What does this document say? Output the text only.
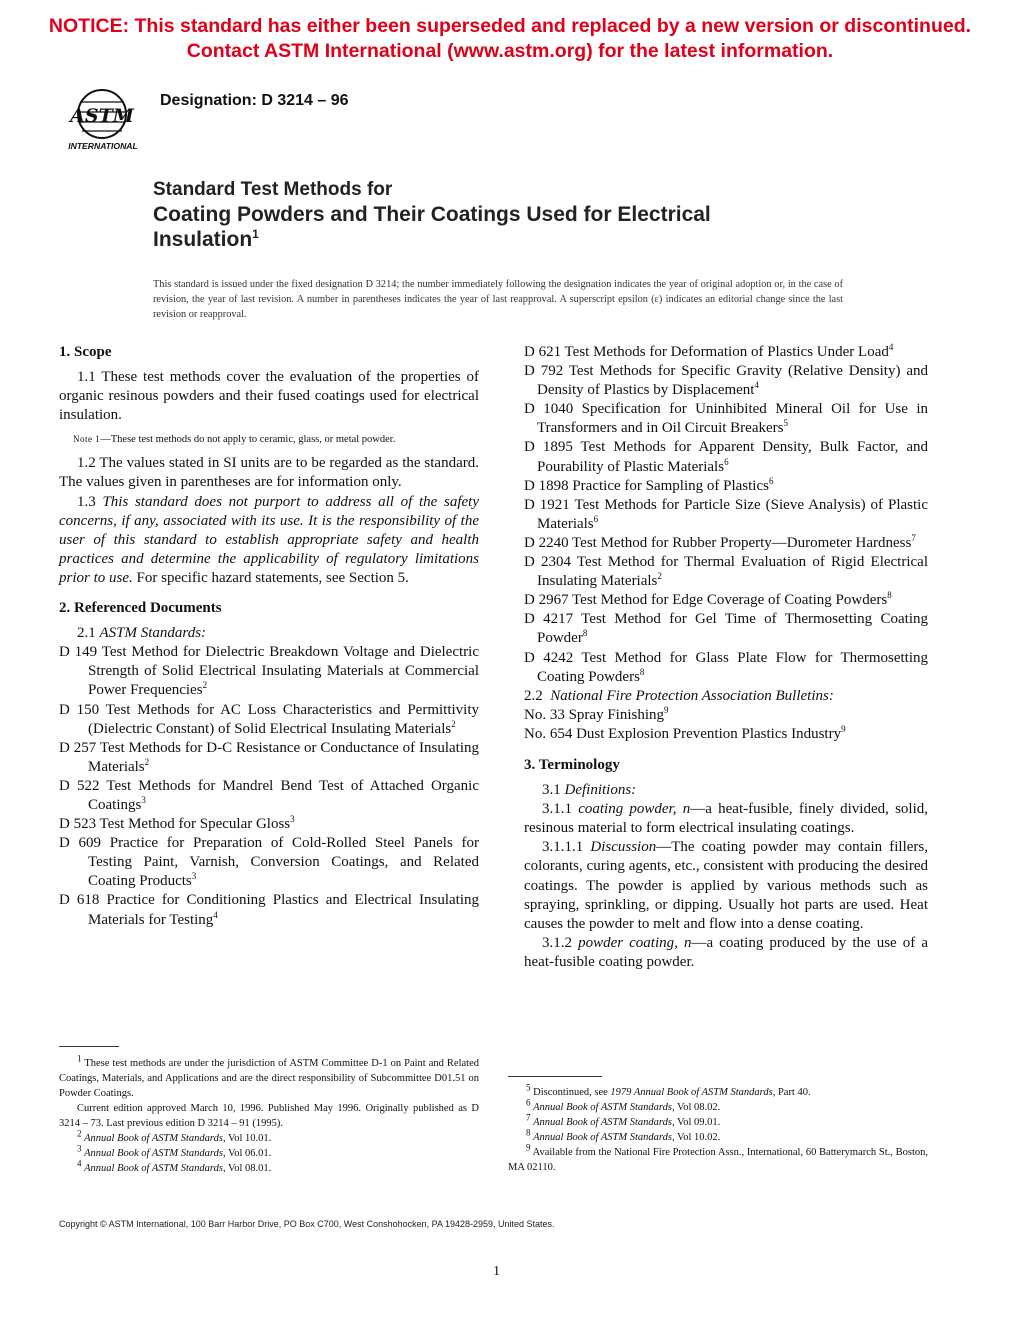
NOTICE: This standard has either been superseded and replaced by a new version or discontinued.
Contact ASTM International (www.astm.org) for the latest information.
ASTM
INTERNATIONAL
Designation: D 3214 – 96
Standard Test Methods for
Coating Powders and Their Coatings Used for Electrical
Insulation$^1$
This standard is issued under the fixed designation D 3214; the number immediately following the designation indicates the year of original adoption or, in the case of revision, the year of last revision. A number in parentheses indicates the year of last reapproval. A superscript epsilon (ε) indicates an editorial change since the last revision or reapproval.
1. Scope

1.1 These test methods cover the evaluation of the properties of organic resinous powders and their fused coatings used for electrical insulation.

Note 1—These test methods do not apply to ceramic, glass, or metal powder.

1.2 The values stated in SI units are to be regarded as the standard. The values given in parentheses are for information only.

1.3 This standard does not purport to address all of the safety concerns, if any, associated with its use. It is the responsibility of the user of this standard to establish appropriate safety and health practices and determine the applicability of regulatory limitations prior to use. For specific hazard statements, see Section 5.

2. Referenced Documents

2.1 ASTM Standards:

D 149 Test Method for Dielectric Breakdown Voltage and Dielectric Strength of Solid Electrical Insulating Materials at Commercial Power Frequencies$^2$

D 150 Test Methods for AC Loss Characteristics and Permittivity (Dielectric Constant) of Solid Electrical Insulating Materials$^2$

D 257 Test Methods for D-C Resistance or Conductance of Insulating Materials$^2$

D 522 Test Methods for Mandrel Bend Test of Attached Organic Coatings$^3$

D 523 Test Method for Specular Gloss$^3$

D 609 Practice for Preparation of Cold-Rolled Steel Panels for Testing Paint, Varnish, Conversion Coatings, and Related Coating Products$^3$

D 618 Practice for Conditioning Plastics and Electrical Insulating Materials for Testing$^4$

D 621 Test Methods for Deformation of Plastics Under Load$^4$

D 792 Test Methods for Specific Gravity (Relative Density) and Density of Plastics by Displacement$^4$

D 1040 Specification for Uninhibited Mineral Oil for Use in Transformers and in Oil Circuit Breakers$^5$

D 1895 Test Methods for Apparent Density, Bulk Factor, and Pourability of Plastic Materials$^6$

D 1898 Practice for Sampling of Plastics$^6$

D 1921 Test Methods for Particle Size (Sieve Analysis) of Plastic Materials$^6$

D 2240 Test Method for Rubber Property—Durometer Hardness$^7$

D 2304 Test Method for Thermal Evaluation of Rigid Electrical Insulating Materials$^2$

D 2967 Test Method for Edge Coverage of Coating Powders$^8$

D 4217 Test Method for Gel Time of Thermosetting Coating Powder$^8$

D 4242 Test Method for Glass Plate Flow for Thermosetting Coating Powders$^8$

2.2 National Fire Protection Association Bulletins:

No. 33 Spray Finishing$^9$

No. 654 Dust Explosion Prevention Plastics Industry$^9$

3. Terminology

3.1 Definitions:

3.1.1 coating powder, n—a heat-fusible, finely divided, solid, resinous material to form electrical insulating coatings.

3.1.1.1 Discussion—The coating powder may contain fillers, colorants, curing agents, etc., consistent with producing the desired coatings. The powder is applied by various methods such as spraying, sprinkling, or dipping. Usually hot parts are used. Heat causes the powder to melt and flow into a dense coating.

3.1.2 powder coating, n—a coating produced by the use of a heat-fusible coating powder.

$^1$ These test methods are under the jurisdiction of ASTM Committee D-1 on Paint and Related Coatings, Materials, and Applications and are the direct responsibility of Subcommittee D01.51 on Powder Coatings.

Current edition approved March 10, 1996. Published May 1996. Originally published as D 3214 – 73. Last previous edition D 3214 – 91 (1995).

$^2$ Annual Book of ASTM Standards, Vol 10.01.

$^3$ Annual Book of ASTM Standards, Vol 06.01.

$^4$ Annual Book of ASTM Standards, Vol 08.01.

$^5$ Discontinued, see 1979 Annual Book of ASTM Standards, Part 40.

$^6$ Annual Book of ASTM Standards, Vol 08.02.

$^7$ Annual Book of ASTM Standards, Vol 09.01.

$^8$ Annual Book of ASTM Standards, Vol 10.02.

$^9$ Available from the National Fire Protection Assn., International, 60 Batterymarch St., Boston, MA 02110.

Copyright © ASTM International, 100 Barr Harbor Drive, PO Box C700, West Conshohocken, PA 19428-2959, United States.
1
